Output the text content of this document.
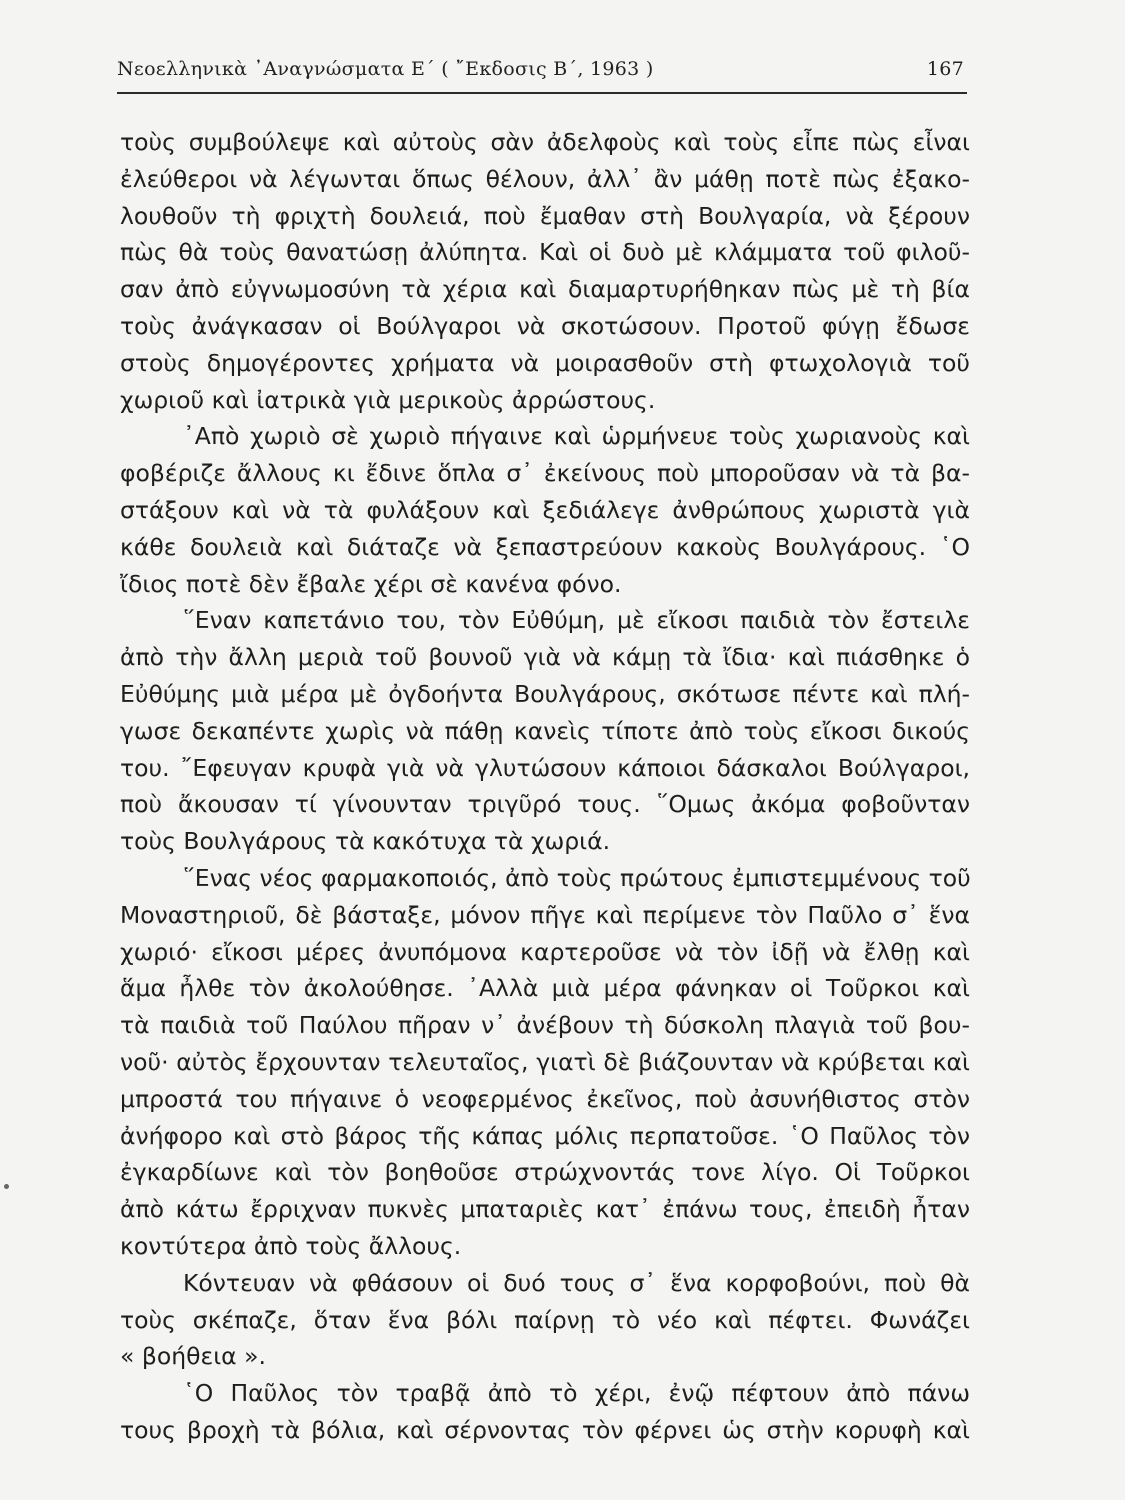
Νεοελληνικὰ ᾿Αναγνώσματα Ε΄ ( ῎Εκδοσις Β΄, 1963 )	167
τοὺς συμβούλεψε καὶ αὐτοὺς σὰν ἀδελφοὺς καὶ τοὺς εἶπε πὼς εἶναι
ἐλεύθεροι νὰ λέγωνται ὅπως θέλουν, ἀλλ᾽ ἂν μάθῃ ποτὲ πὼς ἐξακο-
λουθοῦν τὴ φριχτὴ δουλειά, ποὺ ἔμαθαν στὴ Βουλγαρία, νὰ ξέρουν
πὼς θὰ τοὺς θανατώσῃ ἀλύπητα. Καὶ οἱ δυὸ μὲ κλάμματα τοῦ φιλοῦ-
σαν ἀπὸ εὐγνωμοσύνη τὰ χέρια καὶ διαμαρτυρήθηκαν πὼς μὲ τὴ βία
τοὺς ἀνάγκασαν οἱ Βούλγαροι νὰ σκοτώσουν. Προτοῦ φύγῃ ἔδωσε
στοὺς δημογέροντες χρήματα νὰ μοιρασθοῦν στὴ φτωχολογιὰ τοῦ
χωριοῦ καὶ ἰατρικὰ γιὰ μερικοὺς ἀρρώστους.
᾿Απὸ χωριὸ σὲ χωριὸ πήγαινε καὶ ὡρμήνευε τοὺς χωριανοὺς καὶ
φοβέριζε ἄλλους κι ἔδινε ὅπλα σ᾽ ἐκείνους ποὺ μποροῦσαν νὰ τὰ βα-
στάξουν καὶ νὰ τὰ φυλάξουν καὶ ξεδιάλεγε ἀνθρώπους χωριστὰ γιὰ
κάθε δουλειὰ καὶ διάταζε νὰ ξεπαστρεύουν κακοὺς Βουλγάρους. ῾Ο
ἴδιος ποτὲ δὲν ἔβαλε χέρι σὲ κανένα φόνο.
῞Εναν καπετάνιο του, τὸν Εὐθύμη, μὲ εἴκοσι παιδιὰ τὸν ἔστειλε
ἀπὸ τὴν ἄλλη μεριὰ τοῦ βουνοῦ γιὰ νὰ κάμῃ τὰ ἴδια· καὶ πιάσθηκε ὁ
Εὐθύμης μιὰ μέρα μὲ ὀγδοήντα Βουλγάρους, σκότωσε πέντε καὶ πλή-
γωσε δεκαπέντε χωρὶς νὰ πάθῃ κανεὶς τίποτε ἀπὸ τοὺς εἴκοσι δικούς
του. ῎Εφευγαν κρυφὰ γιὰ νὰ γλυτώσουν κάποιοι δάσκαλοι Βούλγαροι,
ποὺ ἄκουσαν τί γίνουνταν τριγῦρό τους. ῞Ομως ἀκόμα φοβοῦνταν
τοὺς Βουλγάρους τὰ κακότυχα τὰ χωριά.
῞Ενας νέος φαρμακοποιός, ἀπὸ τοὺς πρώτους ἐμπιστεμμένους τοῦ
Μοναστηριοῦ, δὲ βάσταξε, μόνον πῆγε καὶ περίμενε τὸν Παῦλο σ᾽ ἕνα
χωριό· εἴκοσι μέρες ἀνυπόμονα καρτεροῦσε νὰ τὸν ἰδῇ νὰ ἔλθῃ καὶ
ἅμα ἦλθε τὸν ἀκολούθησε. ᾿Αλλὰ μιὰ μέρα φάνηκαν οἱ Τοῦρκοι καὶ
τὰ παιδιὰ τοῦ Παύλου πῆραν ν᾽ ἀνέβουν τὴ δύσκολη πλαγιὰ τοῦ βου-
νοῦ· αὐτὸς ἔρχουνταν τελευταῖος, γιατὶ δὲ βιάζουνταν νὰ κρύβεται καὶ
μπροστά του πήγαινε ὁ νεοφερμένος ἐκεῖνος, ποὺ ἀσυνήθιστος στὸν
ἀνήφορο καὶ στὸ βάρος τῆς κάπας μόλις περπατοῦσε. ῾Ο Παῦλος τὸν
ἐγκαρδίωνε καὶ τὸν βοηθοῦσε στρώχνοντάς τονε λίγο. Οἱ Τοῦρκοι
ἀπὸ κάτω ἔρριχναν πυκνὲς μπαταριὲς κατ᾽ ἐπάνω τους, ἐπειδὴ ἦταν
κοντύτερα ἀπὸ τοὺς ἄλλους.
Κόντευαν νὰ φθάσουν οἱ δυό τους σ᾽ ἕνα κορφοβούνι, ποὺ θὰ
τοὺς σκέπαζε, ὅταν ἕνα βόλι παίρνῃ τὸ νέο καὶ πέφτει. Φωνάζει
« βοήθεια ».
῾Ο Παῦλος τὸν τραβᾷ ἀπὸ τὸ χέρι, ἐνῷ πέφτουν ἀπὸ πάνω
τους βροχὴ τὰ βόλια, καὶ σέρνοντας τὸν φέρνει ὡς στὴν κορυφὴ καὶ
